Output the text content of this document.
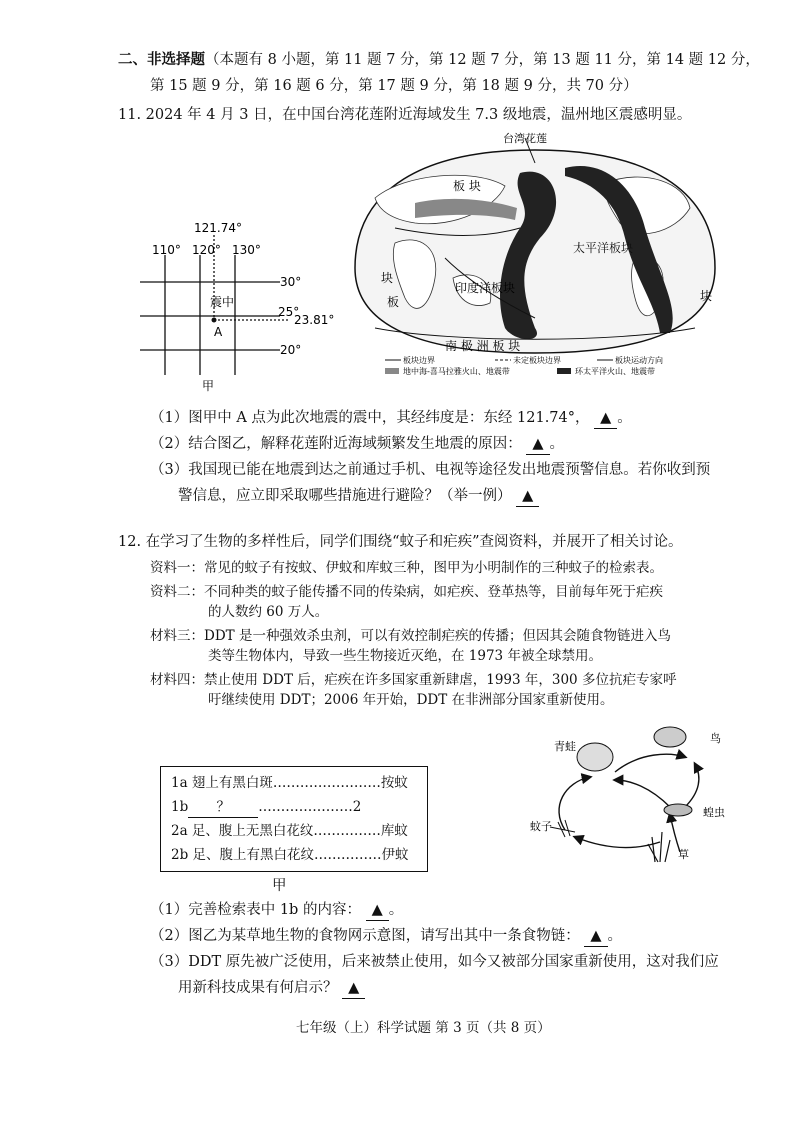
二、非选择题（本题有 8 小题，第 11 题 7 分，第 12 题 7 分，第 13 题 11 分，第 14 题 12 分，
第 15 题 9 分，第 16 题 6 分，第 17 题 9 分，第 18 题 9 分，共 70 分）
11. 2024 年 4 月 3 日，在中国台湾花莲附近海域发生 7.3 级地震，温州地区震感明显。
121.74°
110° 120° 130°
30°
25°
23.81°
20°
震中
A
甲
台湾花莲
板 块
太平洋板块
印度洋板块
南 极 洲 板 块
块
板	块
板块边界	未定板块边界	板块运动方向
地中海-喜马拉雅火山、地震带	环太平洋火山、地震带
（1）图甲中 A 点为此次地震的震中，其经纬度是：东经 121.74°， ▲ 。
（2）结合图乙，解释花莲附近海域频繁发生地震的原因： ▲ 。
（3）我国现已能在地震到达之前通过手机、电视等途径发出地震预警信息。若你收到预
警信息，应立即采取哪些措施进行避险？（举一例） ▲
12. 在学习了生物的多样性后，同学们围绕“蚊子和疟疾”查阅资料，并展开了相关讨论。
资料一：常见的蚊子有按蚊、伊蚊和库蚊三种，图甲为小明制作的三种蚊子的检索表。
资料二：不同种类的蚊子能传播不同的传染病，如疟疾、登革热等，目前每年死于疟疾
的人数约 60 万人。
材料三：DDT 是一种强效杀虫剂，可以有效控制疟疾的传播；但因其会随食物链进入鸟
类等生物体内，导致一些生物接近灭绝，在 1973 年被全球禁用。
材料四：禁止使用 DDT 后，疟疾在许多国家重新肆虐，1993 年，300 多位抗疟专家呼
吁继续使用 DDT；2006 年开始，DDT 在非洲部分国家重新使用。
1a 翅上有黑白斑……………………按蚊
1b ？ …………………2
2a 足、腹上无黑白花纹……………库蚊
2b 足、腹上有黑白花纹……………伊蚊
甲
青蛙
鸟
蝗虫
蚊子
草
（1）完善检索表中 1b 的内容： ▲ 。
（2）图乙为某草地生物的食物网示意图，请写出其中一条食物链： ▲ 。
（3）DDT 原先被广泛使用，后来被禁止使用，如今又被部分国家重新使用，这对我们应
用新科技成果有何启示？ ▲
七年级（上）科学试题 第 3 页（共 8 页）
